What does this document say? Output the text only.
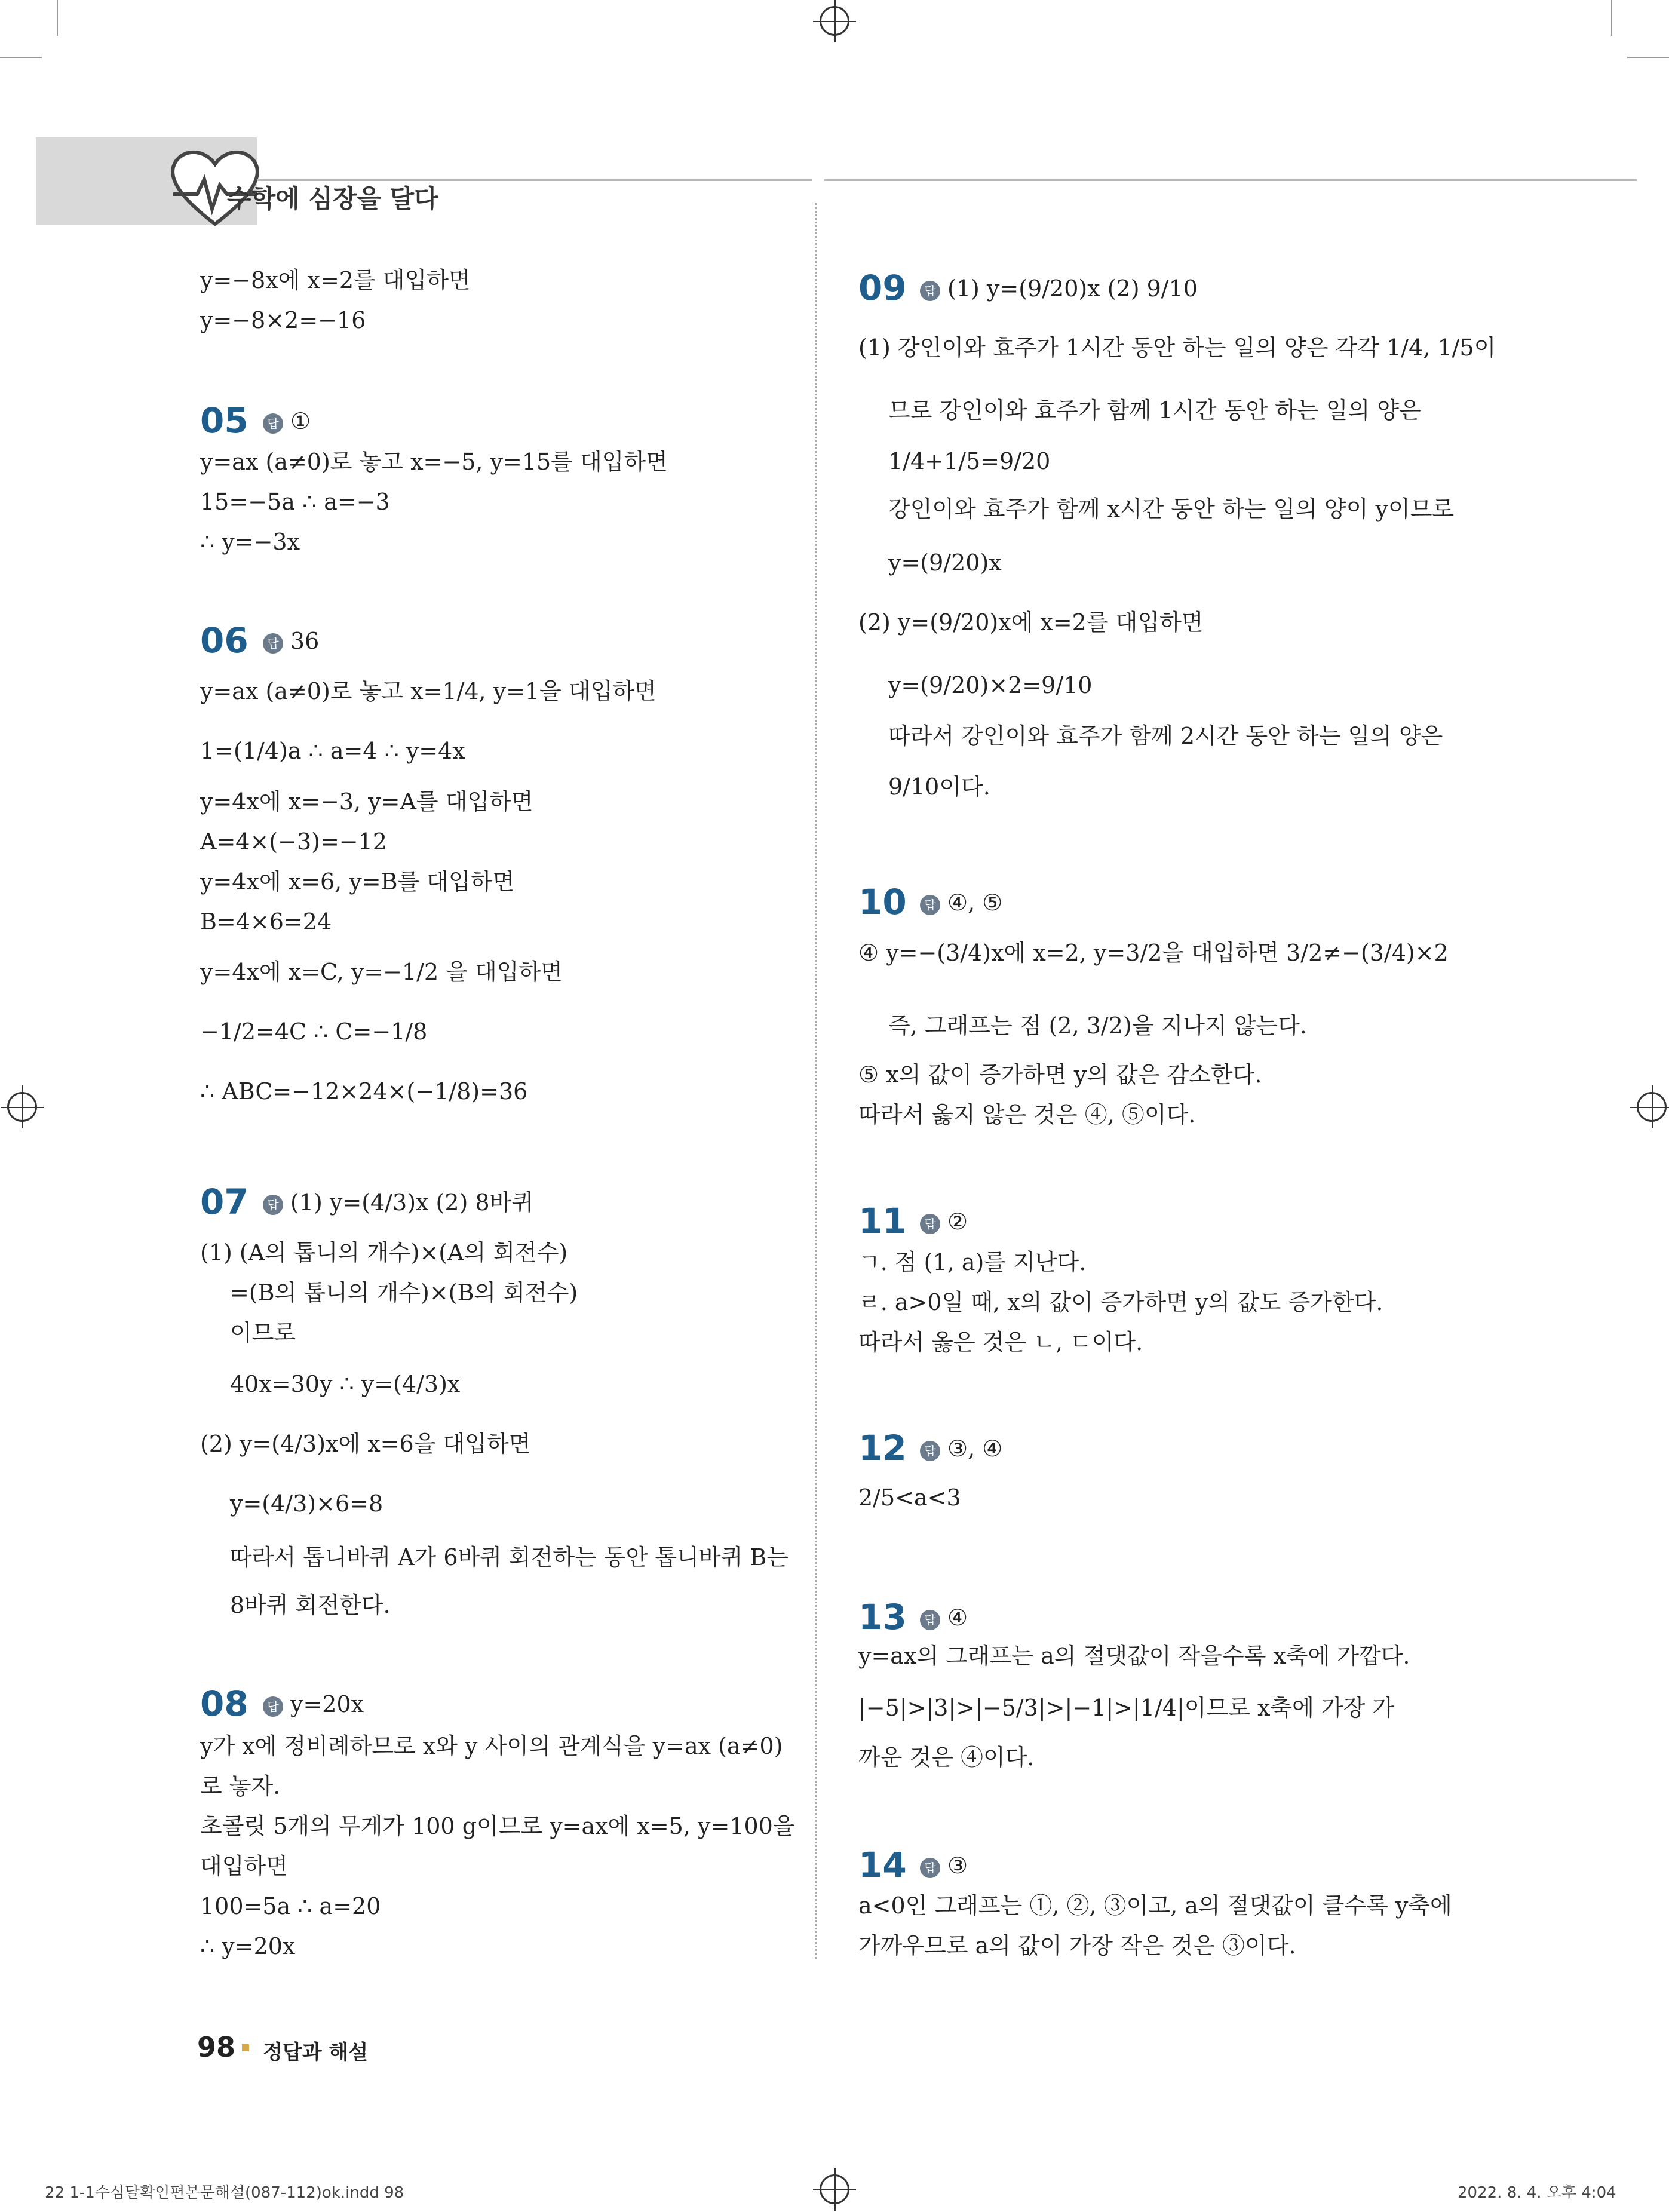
수학에 심장을 달다
y=−8x에 x=2를 대입하면
y=−8×2=−16
05	답 ①
y=ax (a≠0)로 놓고 x=−5, y=15를 대입하면
15=−5a ∴ a=−3
∴ y=−3x
06	답 36
y=ax (a≠0)로 놓고 x=1/4, y=1을 대입하면
1=(1/4)a ∴ a=4 ∴ y=4x
y=4x에 x=−3, y=A를 대입하면
A=4×(−3)=−12
y=4x에 x=6, y=B를 대입하면
B=4×6=24
y=4x에 x=C, y=−1/2 을 대입하면
−1/2=4C ∴ C=−1/8
∴ ABC=−12×24×(−1/8)=36
07	답 (1) y=(4/3)x (2) 8바퀴
(1) (A의 톱니의 개수)×(A의 회전수)
=(B의 톱니의 개수)×(B의 회전수)
이므로
40x=30y ∴ y=(4/3)x
(2) y=(4/3)x에 x=6을 대입하면
y=(4/3)×6=8
따라서 톱니바퀴 A가 6바퀴 회전하는 동안 톱니바퀴 B는
8바퀴 회전한다.
08	답 y=20x
y가 x에 정비례하므로 x와 y 사이의 관계식을 y=ax (a≠0)
로 놓자.
초콜릿 5개의 무게가 100 g이므로 y=ax에 x=5, y=100을
대입하면
100=5a ∴ a=20
∴ y=20x
09	답 (1) y=(9/20)x (2) 9/10
(1) 강인이와 효주가 1시간 동안 하는 일의 양은 각각 1/4, 1/5이
므로 강인이와 효주가 함께 1시간 동안 하는 일의 양은
1/4+1/5=9/20
강인이와 효주가 함께 x시간 동안 하는 일의 양이 y이므로
y=(9/20)x
(2) y=(9/20)x에 x=2를 대입하면
y=(9/20)×2=9/10
따라서 강인이와 효주가 함께 2시간 동안 하는 일의 양은
9/10이다.
10	답 ④, ⑤
④ y=−(3/4)x에 x=2, y=3/2을 대입하면 3/2≠−(3/4)×2
즉, 그래프는 점 (2, 3/2)을 지나지 않는다.
⑤ x의 값이 증가하면 y의 값은 감소한다.
따라서 옳지 않은 것은 ④, ⑤이다.
11	답 ②
ㄱ. 점 (1, a)를 지난다.
ㄹ. a>0일 때, x의 값이 증가하면 y의 값도 증가한다.
따라서 옳은 것은 ㄴ, ㄷ이다.
12	답 ③, ④
2/5<a<3
13	답 ④
y=ax의 그래프는 a의 절댓값이 작을수록 x축에 가깝다.
|−5|>|3|>|−5/3|>|−1|>|1/4|이므로 x축에 가장 가
까운 것은 ④이다.
14	답 ③
a<0인 그래프는 ①, ②, ③이고, a의 절댓값이 클수록 y축에
가까우므로 a의 값이 가장 작은 것은 ③이다.
98 정답과 해설
22 1-1수심달확인편본문해설(087-112)ok.indd 98	2022. 8. 4. 오후 4:04
